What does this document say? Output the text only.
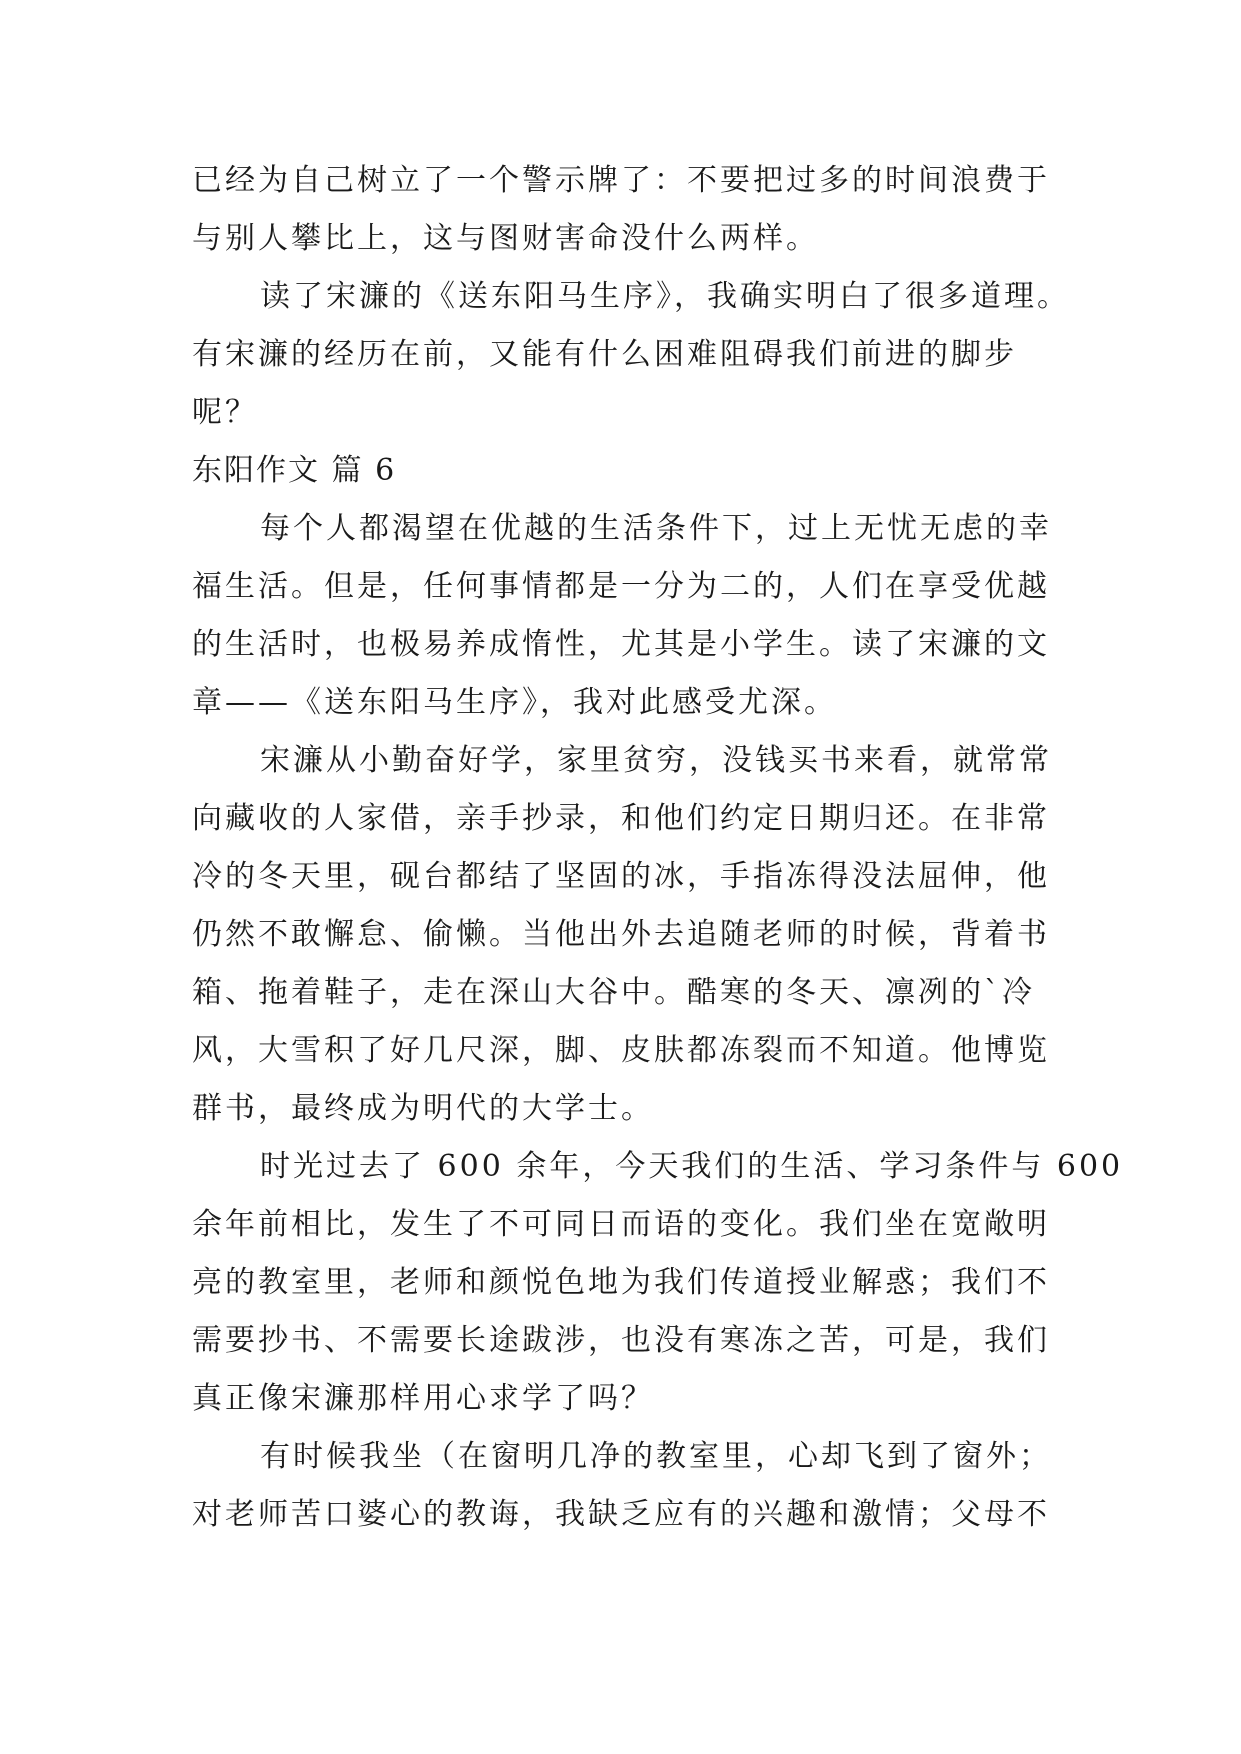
已经为自己树立了一个警示牌了：不要把过多的时间浪费于

与别人攀比上，这与图财害命没什么两样。

读了宋濂的《送东阳马生序》，我确实明白了很多道理。

有宋濂的经历在前，又能有什么困难阻碍我们前进的脚步

呢？

东阳作文 篇 6

每个人都渴望在优越的生活条件下，过上无忧无虑的幸

福生活。但是，任何事情都是一分为二的，人们在享受优越

的生活时，也极易养成惰性，尤其是小学生。读了宋濂的文

章——《送东阳马生序》，我对此感受尤深。

宋濂从小勤奋好学，家里贫穷，没钱买书来看，就常常

向藏收的人家借，亲手抄录，和他们约定日期归还。在非常

冷的冬天里，砚台都结了坚固的冰，手指冻得没法屈伸，他

仍然不敢懈怠、偷懒。当他出外去追随老师的时候，背着书

箱、拖着鞋子，走在深山大谷中。酷寒的冬天、凛冽的`冷

风，大雪积了好几尺深，脚、皮肤都冻裂而不知道。他博览

群书，最终成为明代的大学士。

时光过去了 600 余年，今天我们的生活、学习条件与 600

余年前相比，发生了不可同日而语的变化。我们坐在宽敞明

亮的教室里，老师和颜悦色地为我们传道授业解惑；我们不

需要抄书、不需要长途跋涉，也没有寒冻之苦，可是，我们

真正像宋濂那样用心求学了吗？

有时候我坐（在窗明几净的教室里，心却飞到了窗外；

对老师苦口婆心的教诲，我缺乏应有的兴趣和激情；父母不
